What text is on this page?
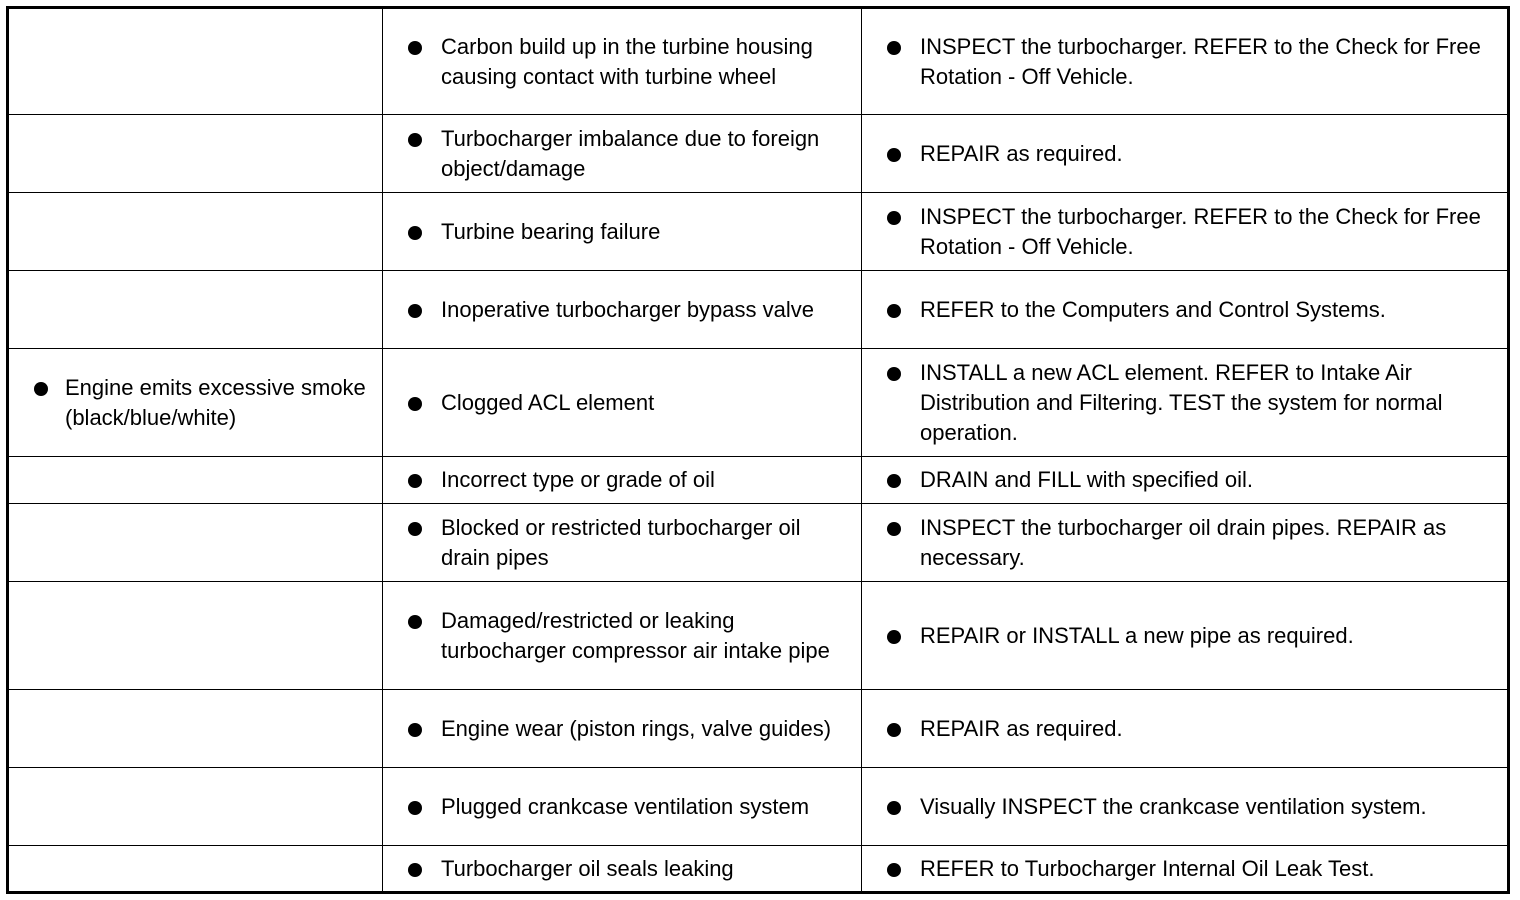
	Carbon build up in the turbine housing causing contact with turbine wheel	INSPECT the turbocharger. REFER to the Check for Free Rotation - Off Vehicle.

	Turbocharger imbalance due to foreign object/damage	REPAIR as required.

	Turbine bearing failure	INSPECT the turbocharger. REFER to the Check for Free Rotation - Off Vehicle.

	Inoperative turbocharger bypass valve	REFER to the Computers and Control Systems.

Engine emits excessive smoke (black/blue/white)	Clogged ACL element	INSTALL a new ACL element. REFER to Intake Air Distribution and Filtering. TEST the system for normal operation.

	Incorrect type or grade of oil	DRAIN and FILL with specified oil.

	Blocked or restricted turbocharger oil drain pipes	INSPECT the turbocharger oil drain pipes. REPAIR as necessary.

	Damaged/restricted or leaking turbocharger compressor air intake pipe	REPAIR or INSTALL a new pipe as required.

	Engine wear (piston rings, valve guides)	REPAIR as required.

	Plugged crankcase ventilation system	Visually INSPECT the crankcase ventilation system.

	Turbocharger oil seals leaking	REFER to Turbocharger Internal Oil Leak Test.
